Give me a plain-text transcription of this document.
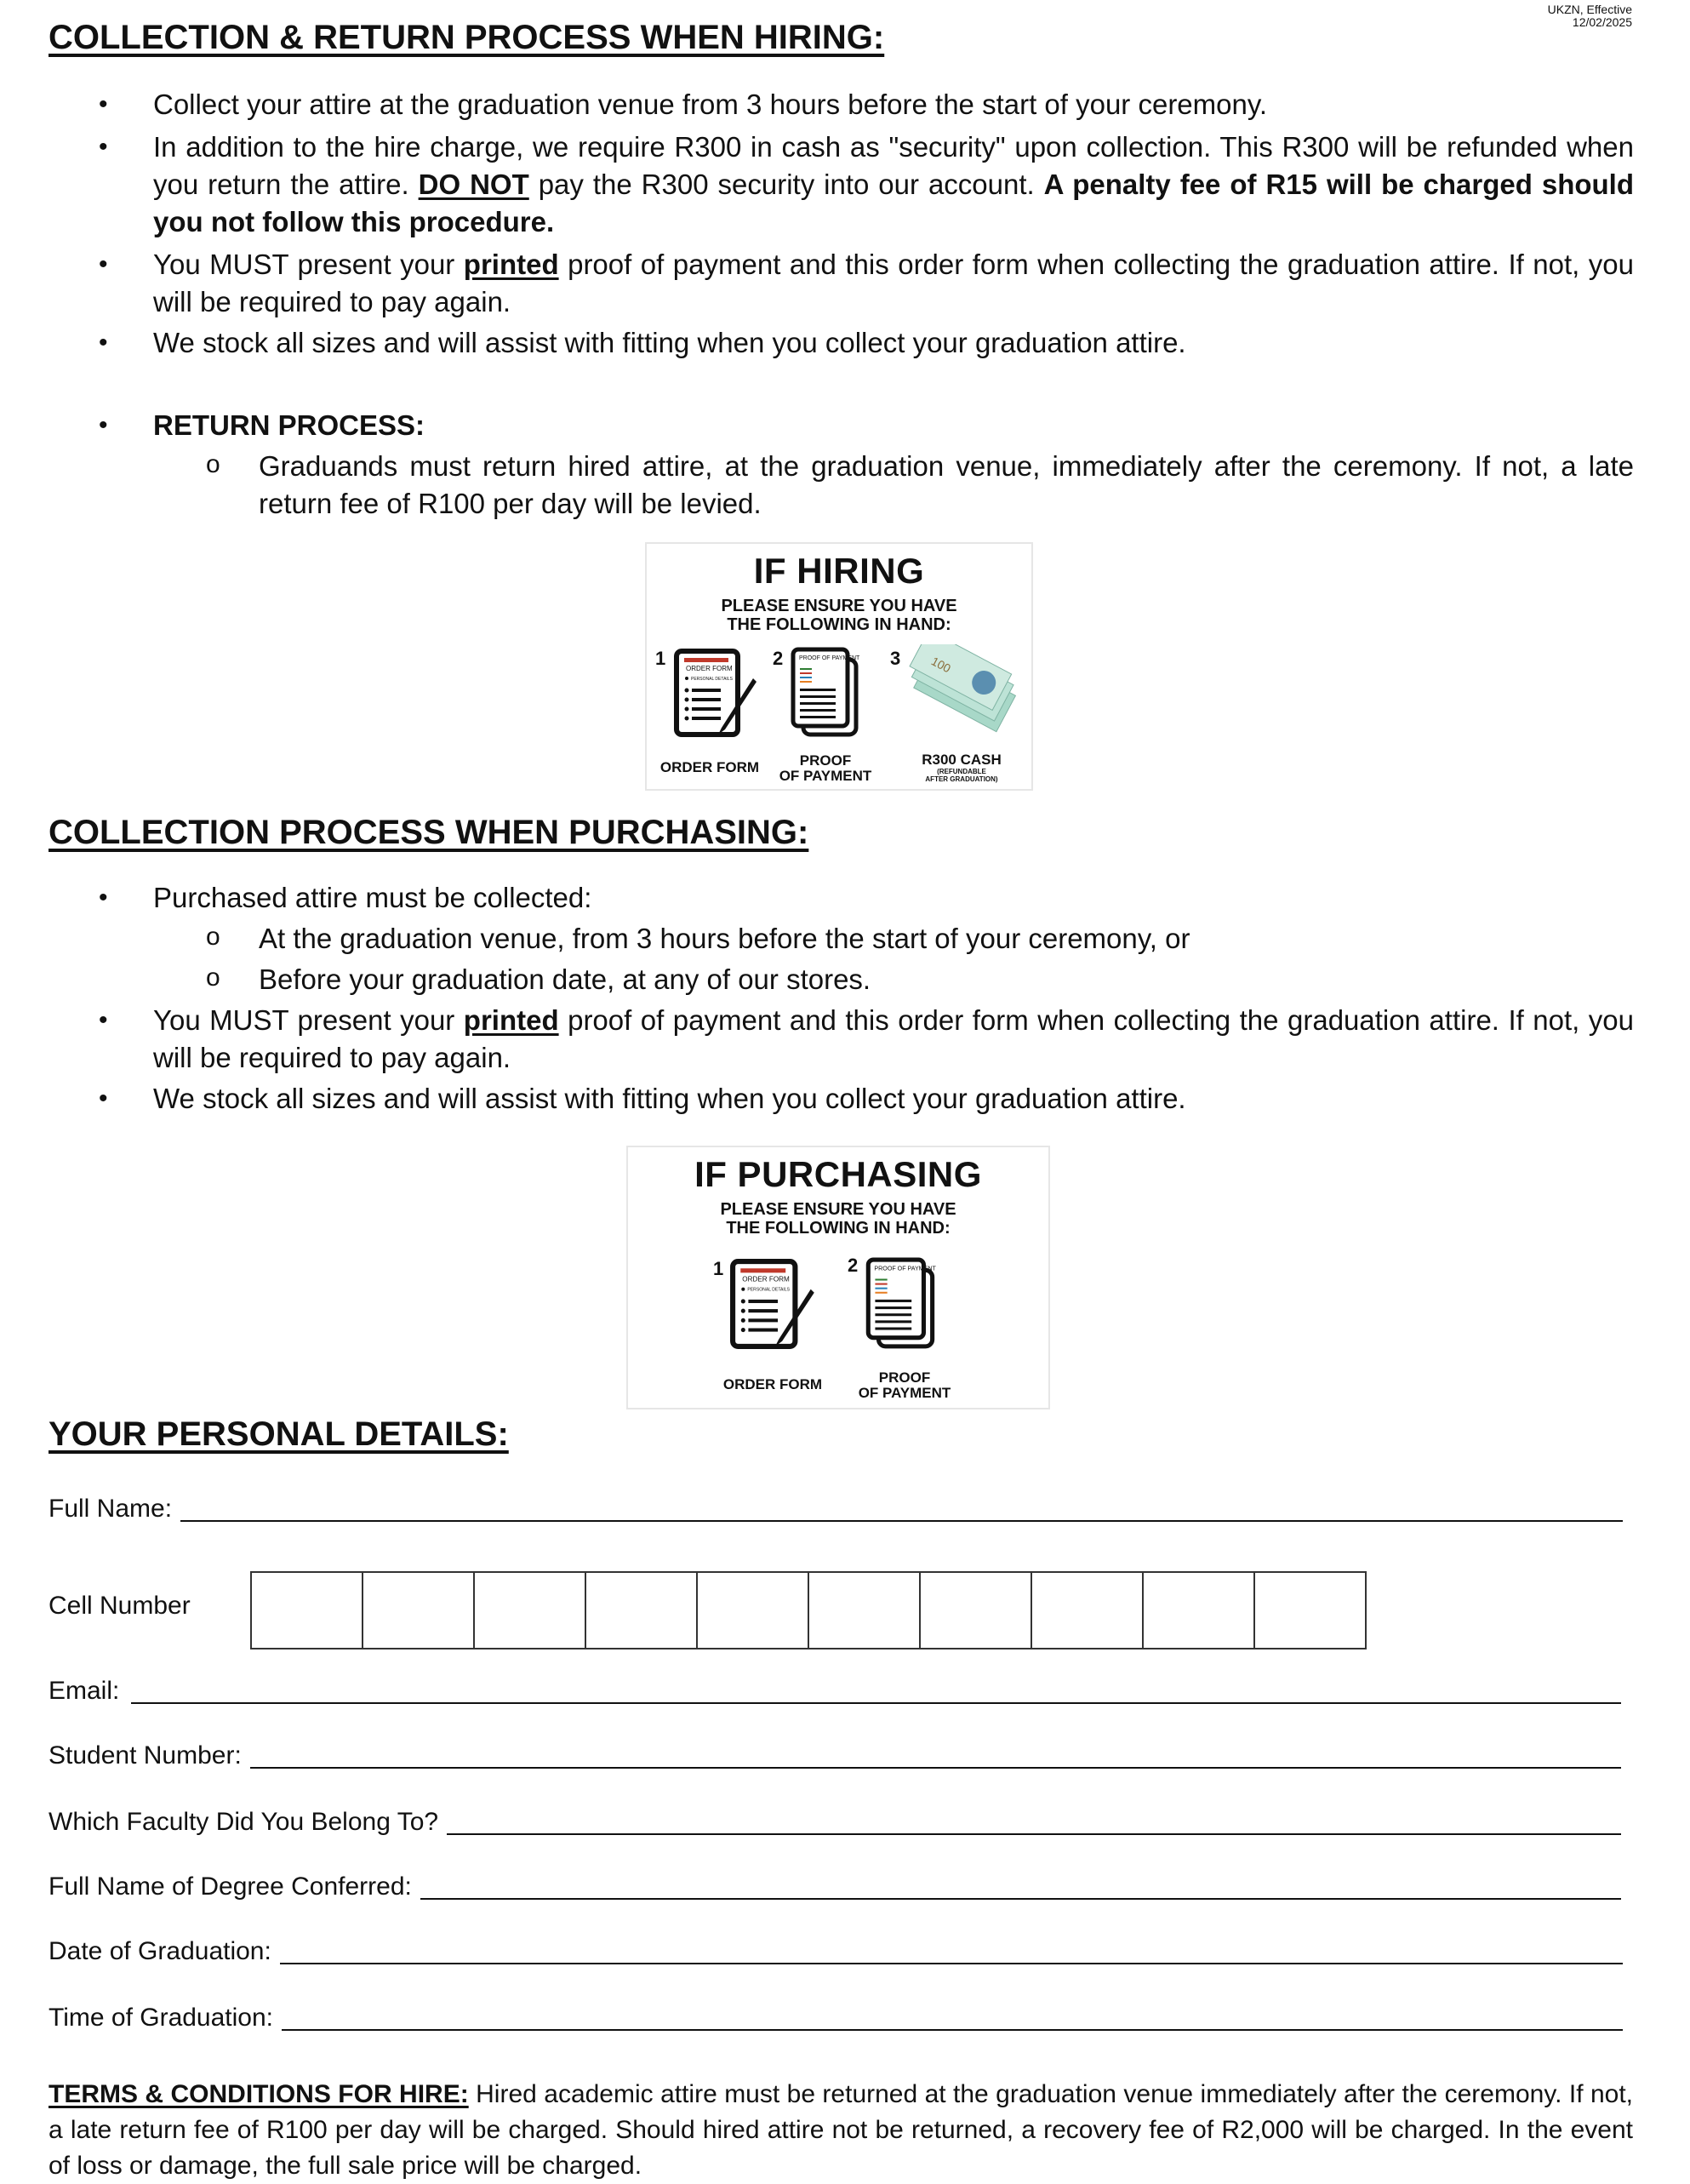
UKZN, Effective
12/02/2025
COLLECTION & RETURN PROCESS WHEN HIRING:
• Collect your attire at the graduation venue from 3 hours before the start of your ceremony.
• In addition to the hire charge, we require R300 in cash as "security" upon collection. This R300 will be refunded when you return the attire. DO NOT pay the R300 security into our account. A penalty fee of R15 will be charged should you not follow this procedure.
• You MUST present your printed proof of payment and this order form when collecting the graduation attire. If not, you will be required to pay again.
• We stock all sizes and will assist with fitting when you collect your graduation attire.
• RETURN PROCESS:
o Graduands must return hired attire, at the graduation venue, immediately after the ceremony. If not, a late return fee of R100 per day will be levied.
IF HIRING
PLEASE ENSURE YOU HAVE
THE FOLLOWING IN HAND:
1	ORDER FORM
PERSONAL DETAILS
2	PROOF OF PAYMENT 3 100
ORDER FORM	PROOF
OF PAYMENT
R300 CASH
(REFUNDABLE
AFTER GRADUATION)
COLLECTION PROCESS WHEN PURCHASING:
• Purchased attire must be collected:
o At the graduation venue, from 3 hours before the start of your ceremony, or
o Before your graduation date, at any of our stores.
• You MUST present your printed proof of payment and this order form when collecting the graduation attire. If not, you will be required to pay again.
• We stock all sizes and will assist with fitting when you collect your graduation attire.
IF PURCHASING
PLEASE ENSURE YOU HAVE
THE FOLLOWING IN HAND:
1
ORDER FORM
PERSONAL DETAILS
2	PROOF OF PAYMENT
ORDER FORM	PROOF
OF PAYMENT
YOUR PERSONAL DETAILS:
Full Name:
Cell Number
Email:
Student Number:
Which Faculty Did You Belong To?
Full Name of Degree Conferred:
Date of Graduation:
Time of Graduation:
TERMS & CONDITIONS FOR HIRE: Hired academic attire must be returned at the graduation venue immediately after the ceremony. If not, a late return fee of R100 per day will be charged. Should hired attire not be returned, a recovery fee of R2,000 will be charged. In the event of loss or damage, the full sale price will be charged.
